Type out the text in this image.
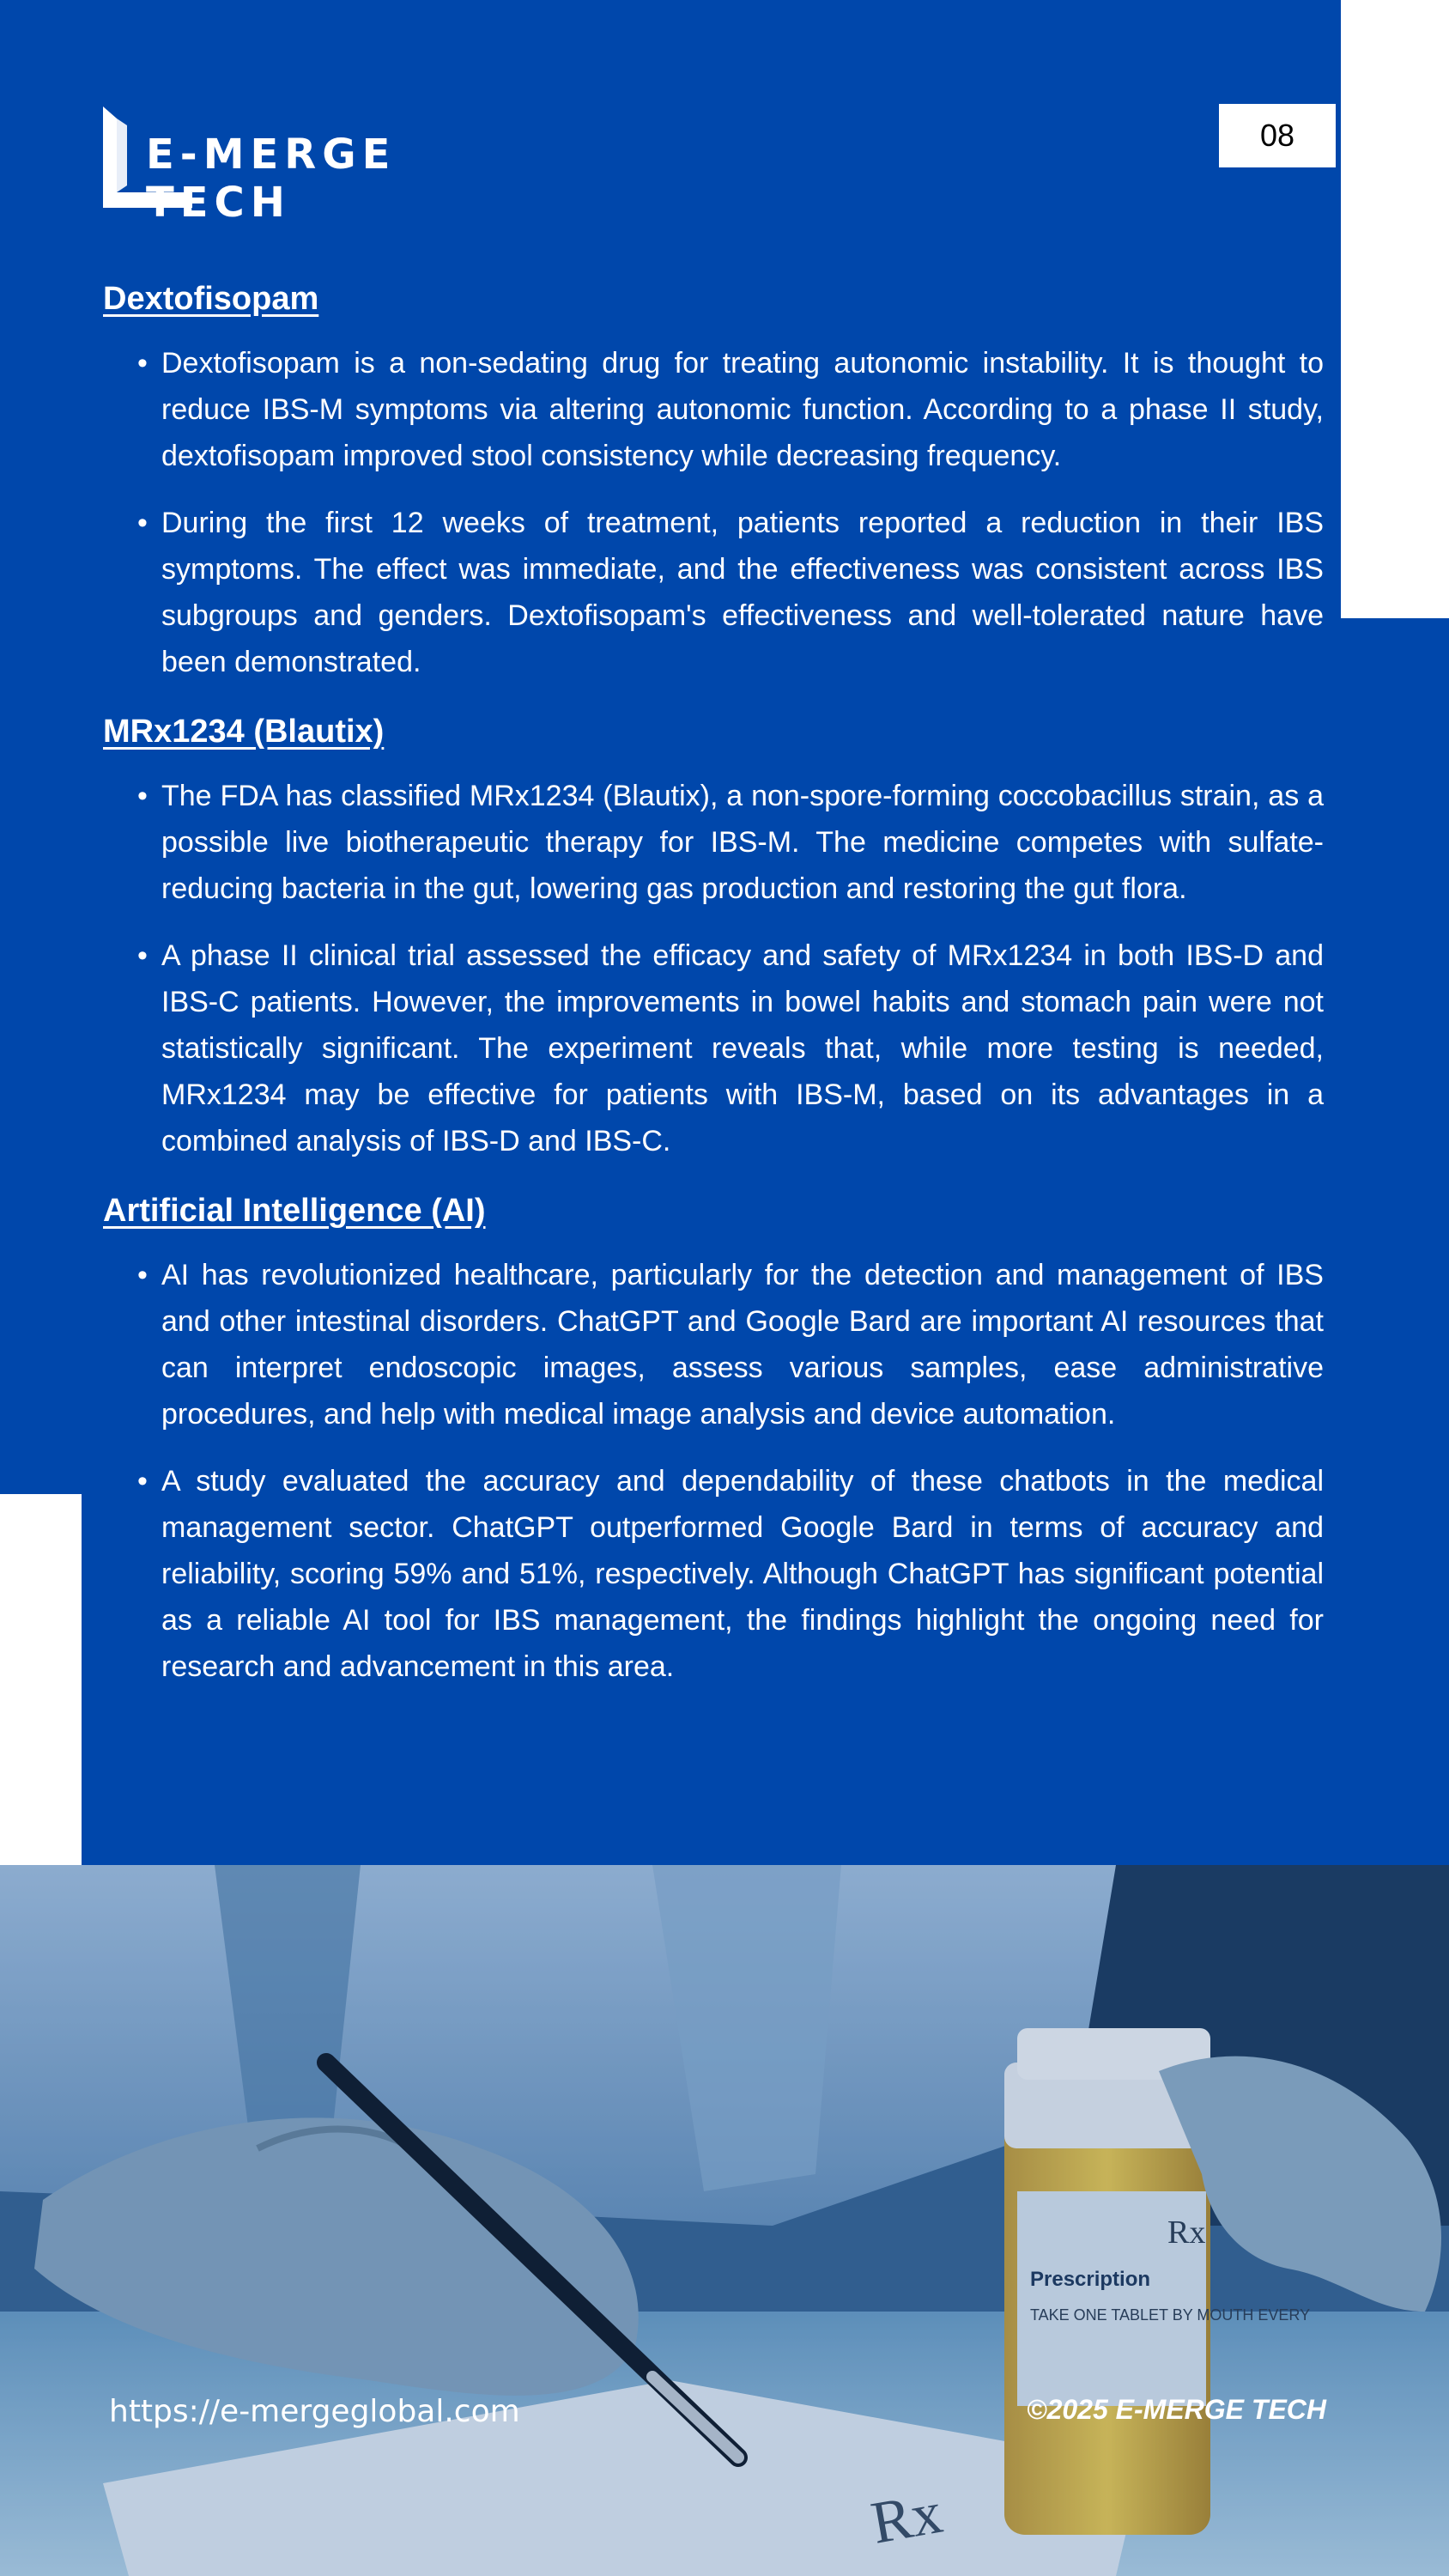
E-MERGE TECH
08
Dextofisopam
• Dextofisopam is a non-sedating drug for treating autonomic instability. It is thought to reduce IBS-M symptoms via altering autonomic function. According to a phase II study, dextofisopam improved stool consistency while decreasing frequency.
• During the first 12 weeks of treatment, patients reported a reduction in their IBS symptoms. The effect was immediate, and the effectiveness was consistent across IBS subgroups and genders. Dextofisopam's effectiveness and well-tolerated nature have been demonstrated.
MRx1234 (Blautix)
• The FDA has classified MRx1234 (Blautix), a non-spore-forming coccobacillus strain, as a possible live biotherapeutic therapy for IBS-M. The medicine competes with sulfate-reducing bacteria in the gut, lowering gas production and restoring the gut flora.
• A phase II clinical trial assessed the efficacy and safety of MRx1234 in both IBS-D and IBS-C patients. However, the improvements in bowel habits and stomach pain were not statistically significant. The experiment reveals that, while more testing is needed, MRx1234 may be effective for patients with IBS-M, based on its advantages in a combined analysis of IBS-D and IBS-C.
Artificial Intelligence (AI)
• AI has revolutionized healthcare, particularly for the detection and management of IBS and other intestinal disorders. ChatGPT and Google Bard are important AI resources that can interpret endoscopic images, assess various samples, ease administrative procedures, and help with medical image analysis and device automation.
• A study evaluated the accuracy and dependability of these chatbots in the medical management sector. ChatGPT outperformed Google Bard in terms of accuracy and reliability, scoring 59% and 51%, respectively. Although ChatGPT has significant potential as a reliable AI tool for IBS management, the findings highlight the ongoing need for research and advancement in this area.
Rx
Rx
Prescription
TAKE ONE TABLET BY MOUTH EVERY
https://e-mergeglobal.com	©2025 E-MERGE TECH
